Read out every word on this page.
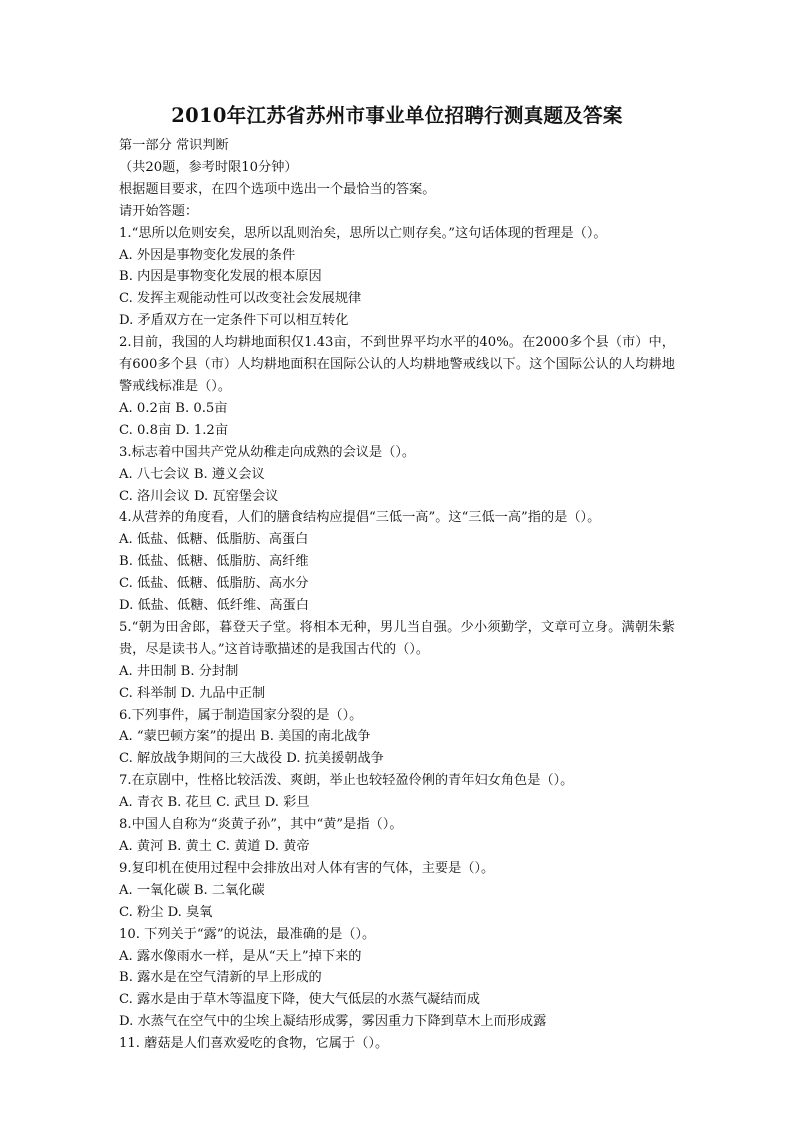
2010年江苏省苏州市事业单位招聘行测真题及答案

第一部分 常识判断

（共20题，参考时限10分钟）

根据题目要求，在四个选项中选出一个最恰当的答案。

请开始答题：

1.“思所以危则安矣，思所以乱则治矣，思所以亡则存矣。”这句话体现的哲理是（）。

A. 外因是事物变化发展的条件

B. 内因是事物变化发展的根本原因

C. 发挥主观能动性可以改变社会发展规律

D. 矛盾双方在一定条件下可以相互转化

2.目前，我国的人均耕地面积仅1.43亩，不到世界平均水平的40%。在2000多个县（市）中，有600多个县（市）人均耕地面积在国际公认的人均耕地警戒线以下。这个国际公认的人均耕地警戒线标准是（）。

A. 0.2亩 B. 0.5亩

C. 0.8亩 D. 1.2亩

3.标志着中国共产党从幼稚走向成熟的会议是（）。

A. 八七会议 B. 遵义会议

C. 洛川会议 D. 瓦窑堡会议

4.从营养的角度看，人们的膳食结构应提倡“三低一高”。这“三低一高”指的是（）。

A. 低盐、低糖、低脂肪、高蛋白

B. 低盐、低糖、低脂肪、高纤维

C. 低盐、低糖、低脂肪、高水分

D. 低盐、低糖、低纤维、高蛋白

5.“朝为田舍郎，暮登天子堂。将相本无种，男儿当自强。少小须勤学，文章可立身。满朝朱紫贵，尽是读书人。”这首诗歌描述的是我国古代的（）。

A. 井田制 B. 分封制

C. 科举制 D. 九品中正制

6.下列事件，属于制造国家分裂的是（）。

A. “蒙巴顿方案”的提出 B. 美国的南北战争

C. 解放战争期间的三大战役 D. 抗美援朝战争

7.在京剧中，性格比较活泼、爽朗，举止也较轻盈伶俐的青年妇女角色是（）。

A. 青衣 B. 花旦 C. 武旦 D. 彩旦

8.中国人自称为“炎黄子孙”，其中“黄”是指（）。

A. 黄河 B. 黄土 C. 黄道 D. 黄帝

9.复印机在使用过程中会排放出对人体有害的气体，主要是（）。

A. 一氧化碳 B. 二氧化碳

C. 粉尘 D. 臭氧

10. 下列关于“露”的说法，最准确的是（）。

A. 露水像雨水一样，是从“天上”掉下来的

B. 露水是在空气清新的早上形成的

C. 露水是由于草木等温度下降，使大气低层的水蒸气凝结而成

D. 水蒸气在空气中的尘埃上凝结形成雾，雾因重力下降到草木上而形成露

11. 蘑菇是人们喜欢爱吃的食物，它属于（）。
